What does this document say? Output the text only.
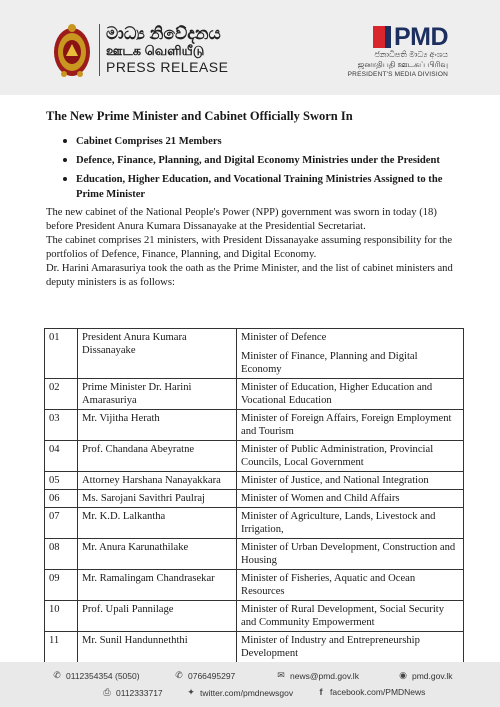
මාධ්‍ය නිවේදනය
ஊடக வெளியீடு
PRESS RELEASE
PMD
ජනාධිපති මාධ්‍ය අංශය
ஜனாதிபதி ஊடகப் பிரிவு
PRESIDENT'S MEDIA DIVISION
The New Prime Minister and Cabinet Officially Sworn In
Cabinet Comprises 21 Members
Defence, Finance, Planning, and Digital Economy Ministries under the President
Education, Higher Education, and Vocational Training Ministries Assigned to the Prime Minister

The new cabinet of the National People's Power (NPP) government was sworn in today (18) before President Anura Kumara Dissanayake at the Presidential Secretariat.

The cabinet comprises 21 ministers, with President Dissanayake assuming responsibility for the portfolios of Defence, Finance, Planning, and Digital Economy.

Dr. Harini Amarasuriya took the oath as the Prime Minister, and the list of cabinet ministers and deputy ministers is as follows:

01	President Anura Kumara Dissanayake	Minister of Defence
Minister of Finance, Planning and Digital Economy
02	Prime Minister Dr. Harini Amarasuriya	Minister of Education, Higher Education and Vocational Education
03	Mr. Vijitha Herath	Minister of Foreign Affairs, Foreign Employment and Tourism
04	Prof. Chandana Abeyratne	Minister of Public Administration, Provincial Councils, Local Government
05	Attorney Harshana Nanayakkara	Minister of Justice, and National Integration
06	Ms. Sarojani Savithri Paulraj	Minister of Women and Child Affairs
07	Mr. K.D. Lalkantha	Minister of Agriculture, Lands, Livestock and Irrigation,
08	Mr. Anura Karunathilake	Minister of Urban Development, Construction and Housing
09	Mr. Ramalingam Chandrasekar	Minister of Fisheries, Aquatic and Ocean Resources
10	Prof. Upali Pannilage	Minister of Rural Development, Social Security and Community Empowerment
11	Mr. Sunil Handunneththi	Minister of Industry and Entrepreneurship Development
✆ 0112354354 (5050)	✆ 0766495297	✉ news@pmd.gov.lk	◉ pmd.gov.lk
⎙ 0112333717	✦ twitter.com/pmdnewsgov	f facebook.com/PMDNews
